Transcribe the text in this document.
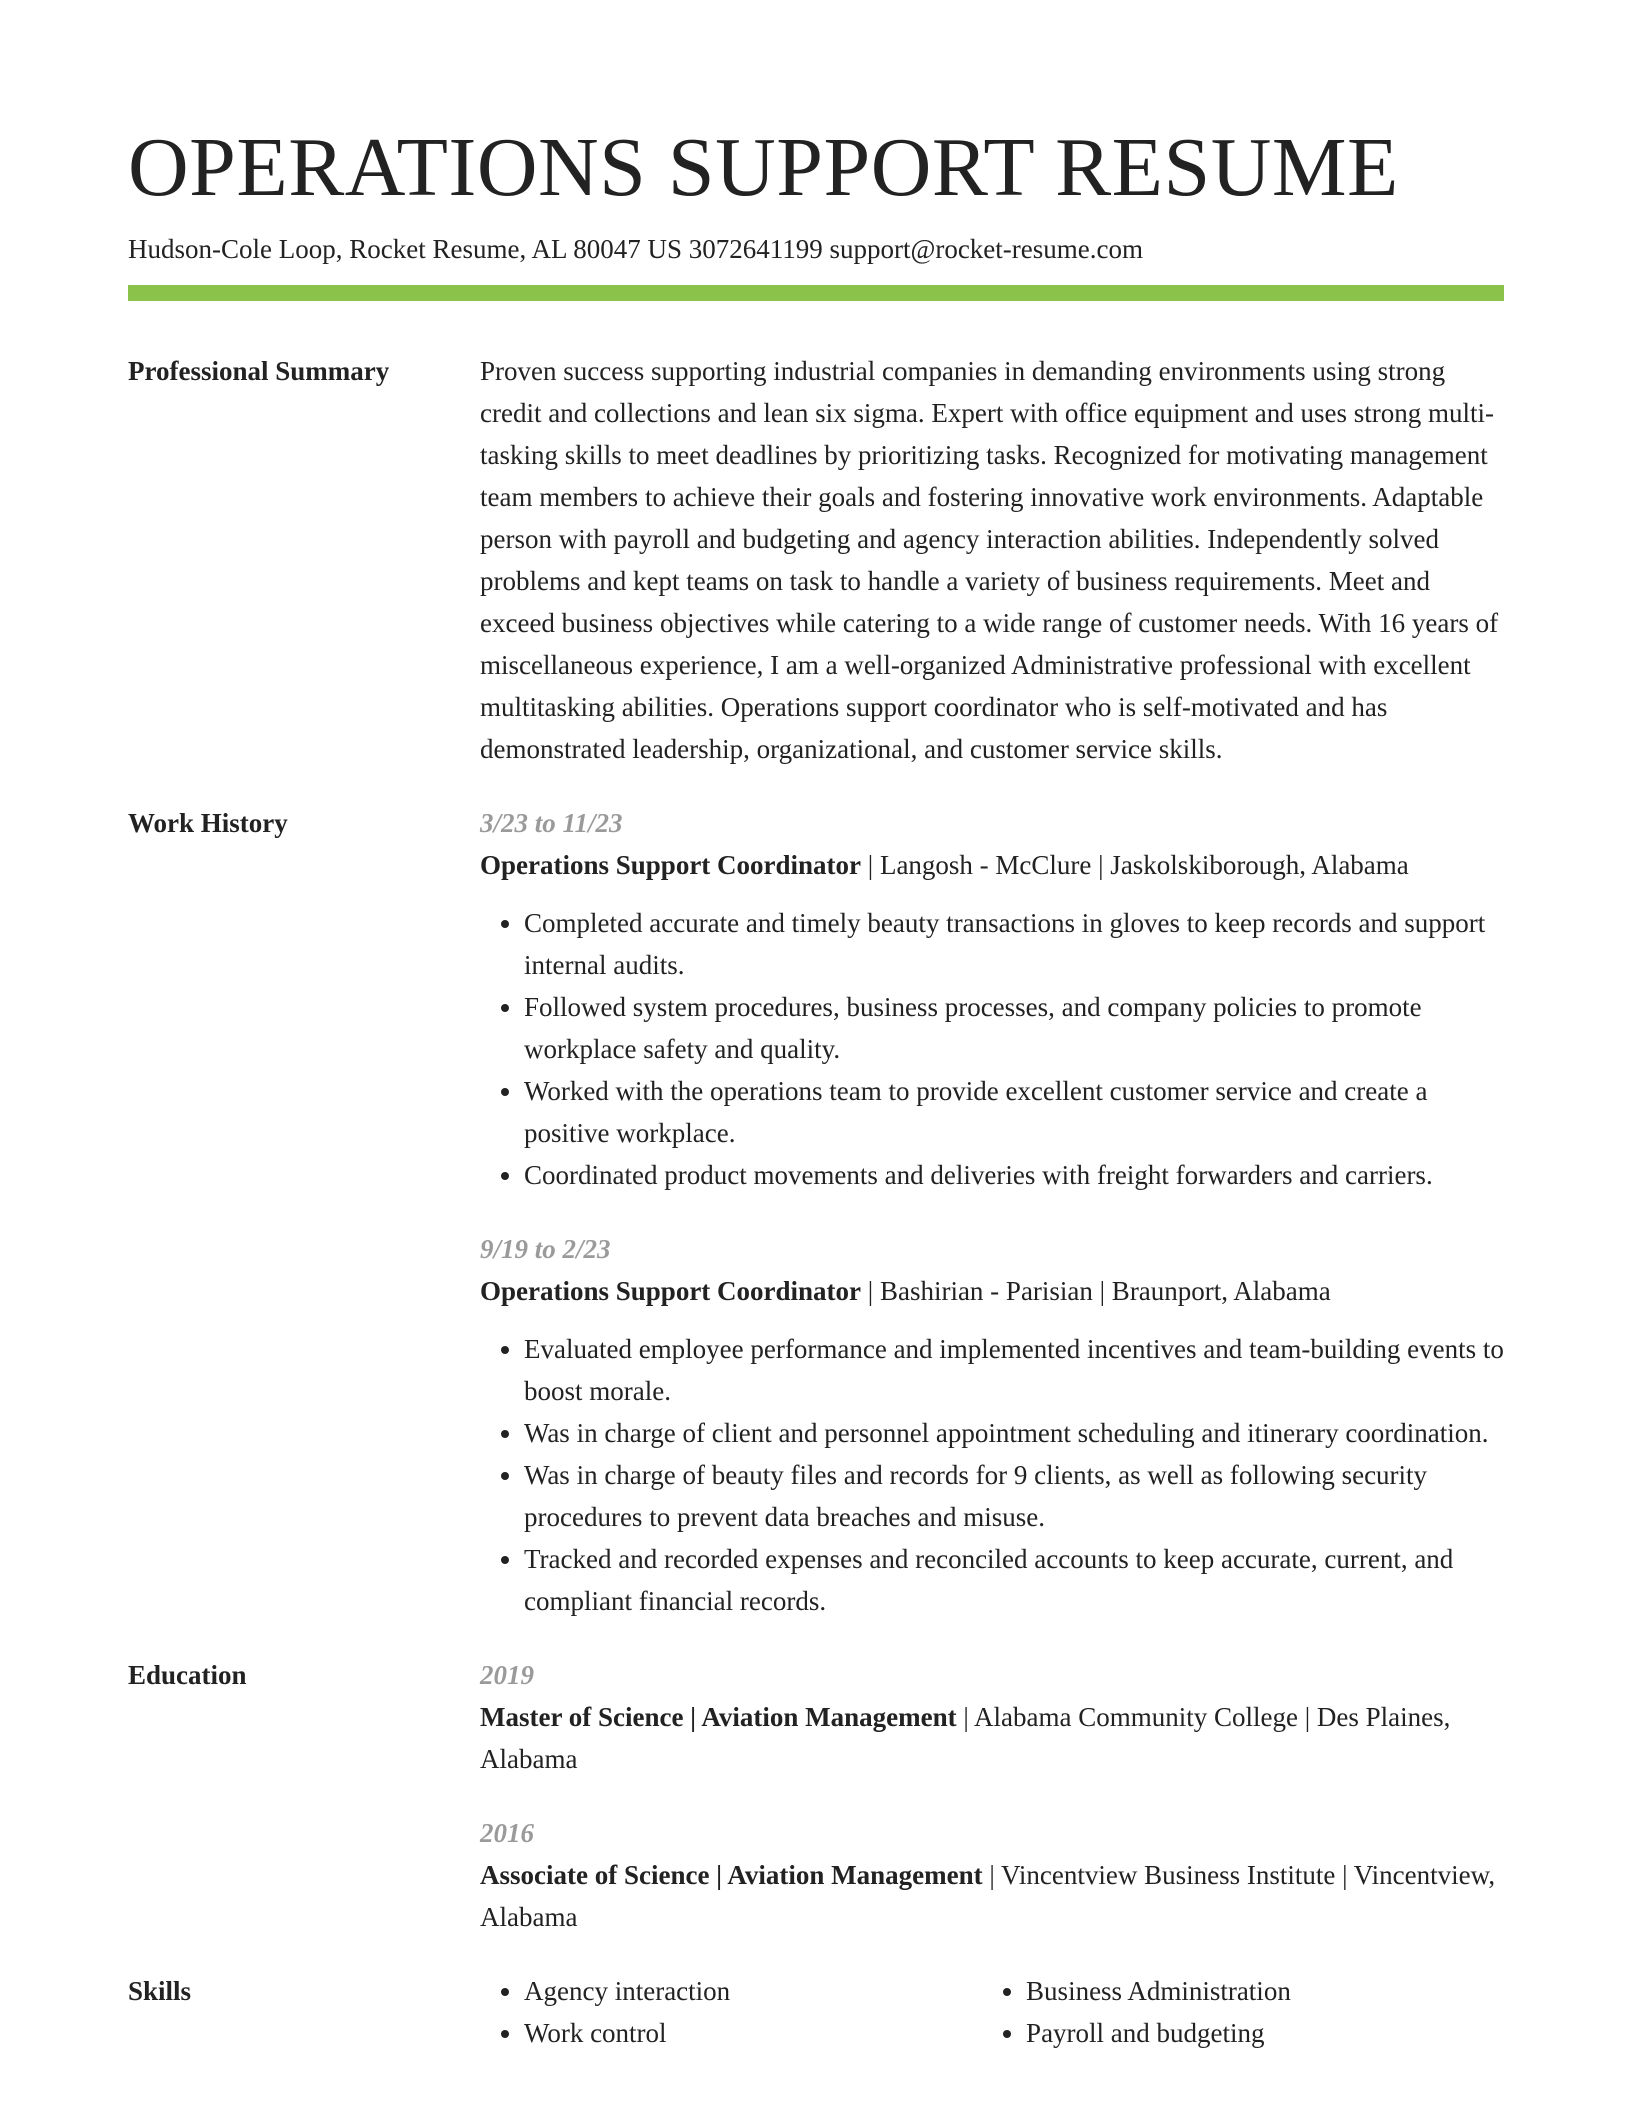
OPERATIONS SUPPORT RESUME
Hudson-Cole Loop, Rocket Resume, AL 80047 US 3072641199 support@rocket-resume.com
Professional Summary	Proven success supporting industrial companies in demanding environments using strong credit and collections and lean six sigma. Expert with office equipment and uses strong multi-tasking skills to meet deadlines by prioritizing tasks. Recognized for motivating management team members to achieve their goals and fostering innovative work environments. Adaptable person with payroll and budgeting and agency interaction abilities. Independently solved problems and kept teams on task to handle a variety of business requirements. Meet and exceed business objectives while catering to a wide range of customer needs. With 16 years of miscellaneous experience, I am a well-organized Administrative professional with excellent multitasking abilities. Operations support coordinator who is self-motivated and has demonstrated leadership, organizational, and customer service skills.

Work History	3/23 to 11/23
Operations Support Coordinator | Langosh - McClure | Jaskolskiborough, Alabama
• Completed accurate and timely beauty transactions in gloves to keep records and support internal audits.
• Followed system procedures, business processes, and company policies to promote workplace safety and quality.
• Worked with the operations team to provide excellent customer service and create a positive workplace.
• Coordinated product movements and deliveries with freight forwarders and carriers.
9/19 to 2/23
Operations Support Coordinator | Bashirian - Parisian | Braunport, Alabama
• Evaluated employee performance and implemented incentives and team-building events to boost morale.
• Was in charge of client and personnel appointment scheduling and itinerary coordination.
• Was in charge of beauty files and records for 9 clients, as well as following security procedures to prevent data breaches and misuse.
• Tracked and recorded expenses and reconciled accounts to keep accurate, current, and compliant financial records.
Education	2019
Master of Science | Aviation Management | Alabama Community College | Des Plaines, Alabama
2016
Associate of Science | Aviation Management | Vincentview Business Institute | Vincentview, Alabama
Skills
•	Agency interaction
• Work control
• Business Administration
• Payroll and budgeting
